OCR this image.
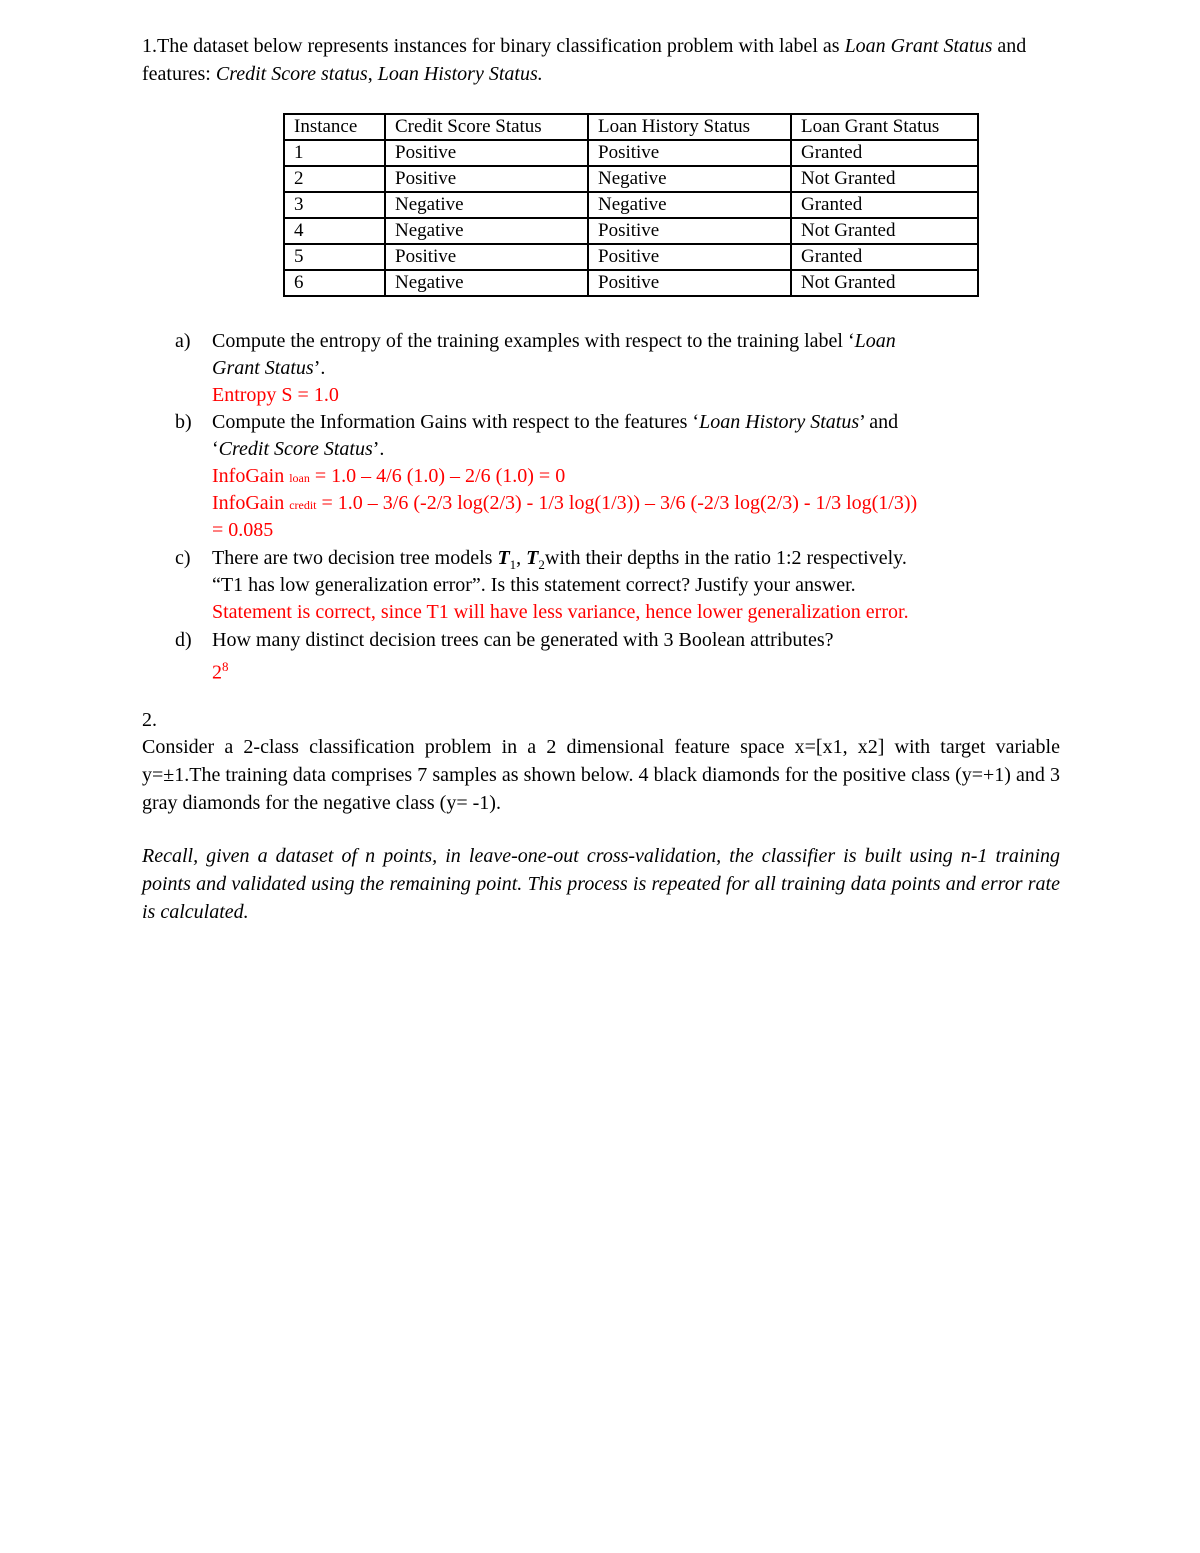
1.The dataset below represents instances for binary classification problem with label as Loan Grant Status and features: Credit Score status, Loan History Status.

Instance	Credit Score Status	Loan History Status	Loan Grant Status
1	Positive	Positive	Granted
2	Positive	Negative	Not Granted
3	Negative	Negative	Granted
4	Negative	Positive	Not Granted
5	Positive	Positive	Granted
6	Negative	Positive	Not Granted
a) Compute the entropy of the training examples with respect to the training label ‘Loan
Grant Status’.
Entropy S = 1.0
b) Compute the Information Gains with respect to the features ‘Loan History Status’ and
‘Credit Score Status’.
InfoGain loan = 1.0 – 4/6 (1.0) – 2/6 (1.0) = 0
InfoGain credit = 1.0 – 3/6 (-2/3 log(2/3) - 1/3 log(1/3)) – 3/6 (-2/3 log(2/3) - 1/3 log(1/3))
= 0.085
c) There are two decision tree models $T_1$, $T_2with$ their depths in the ratio 1:2 respectively.
“T1 has low generalization error”. Is this statement correct? Justify your answer.
Statement is correct, since T1 will have less variance, hence lower generalization error.
d) How many distinct decision trees can be generated with 3 Boolean attributes?
$2^8$
2.
Consider a 2-class classification problem in a 2 dimensional feature space x=[x1, x2] with target variable y=±1.The training data comprises 7 samples as shown below. 4 black diamonds for the positive class (y=+1) and 3 gray diamonds for the negative class (y= -1).
Recall, given a dataset of n points, in leave-one-out cross-validation, the classifier is built using n-1 training points and validated using the remaining point. This process is repeated for all training data points and error rate is calculated.
